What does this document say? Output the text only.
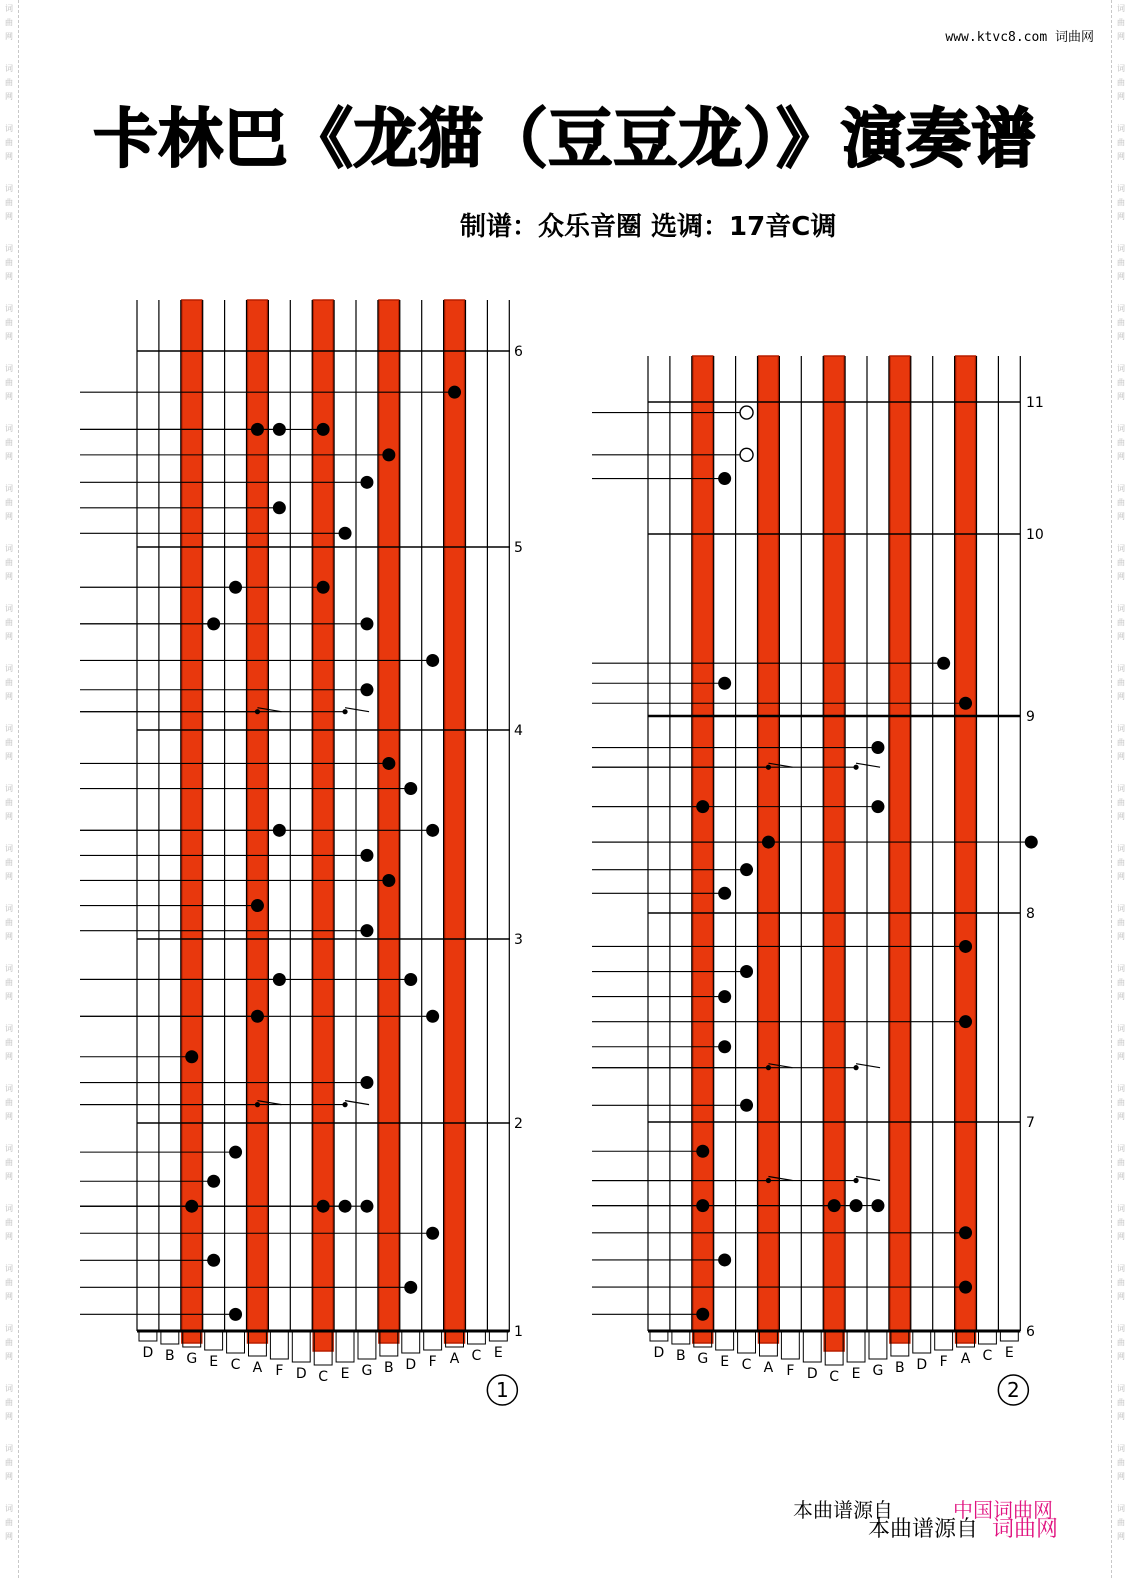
词
曲
网
词
曲
网
词
曲
网
词
曲
网
词
曲
网
词
曲
网
词
曲
网
词
曲
网
词
曲
网
词
曲
网
词
曲
网
词
曲
网
词
曲
网
词
曲
网
词
曲
网
词
曲
网
词
曲
网
词
曲
网
词
曲
网
词
曲
网
词
曲
网
词
曲
网
词
曲
网
词
曲
网
词
曲
网
词
曲
网
词
曲
网
词
曲
网
词
曲
网
词
曲
网
词
曲
网
词
曲
网
词
曲
网
词
曲
网
词
曲
网
词
曲
网
词
曲
网
词
曲
网
词
曲
网
词
曲
网
词
曲
网
词
曲
网
词
曲
网
词
曲
网
词
曲
网
词
曲
网
词
曲
网
词
曲
网
词
曲
网
词
曲
网
词
曲
网
词
曲
网
www.ktvc8.com 词曲网
卡林巴《龙猫（豆豆龙）》演奏谱
制谱：众乐音圈 选调：17音C调
6
5
4
3
2
1
D B G E C A F D C E G B D F A C E
1
11
10
9
8
7
6
D B G E C A F D C E G B D F A C E
2
本曲谱源自	中国词曲网
本曲谱源自 词曲网
